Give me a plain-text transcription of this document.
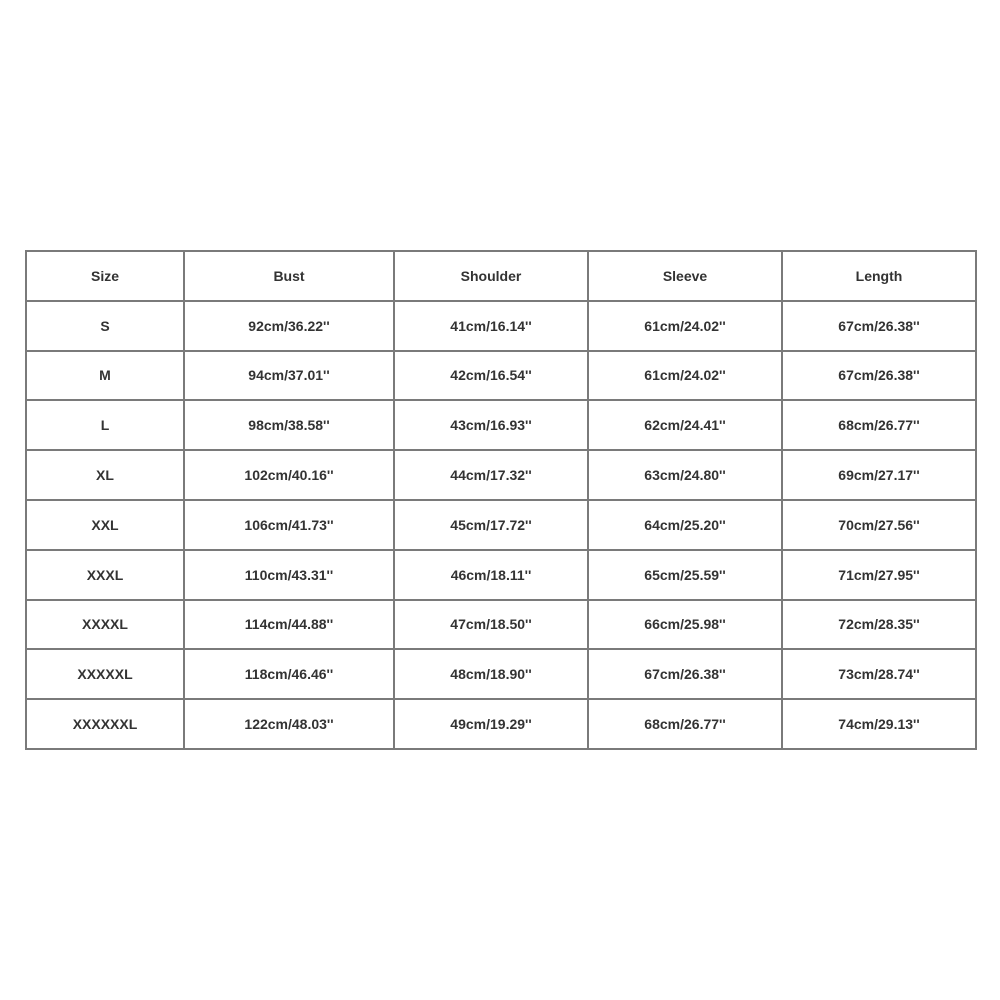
Size	Bust	Shoulder	Sleeve	Length
S	92cm/36.22''	41cm/16.14''	61cm/24.02''	67cm/26.38''
M	94cm/37.01''	42cm/16.54''	61cm/24.02''	67cm/26.38''
L	98cm/38.58''	43cm/16.93''	62cm/24.41''	68cm/26.77''
XL	102cm/40.16''	44cm/17.32''	63cm/24.80''	69cm/27.17''
XXL	106cm/41.73''	45cm/17.72''	64cm/25.20''	70cm/27.56''
XXXL	110cm/43.31''	46cm/18.11''	65cm/25.59''	71cm/27.95''
XXXXL	114cm/44.88''	47cm/18.50''	66cm/25.98''	72cm/28.35''
XXXXXL	118cm/46.46''	48cm/18.90''	67cm/26.38''	73cm/28.74''
XXXXXXL	122cm/48.03''	49cm/19.29''	68cm/26.77''	74cm/29.13''
